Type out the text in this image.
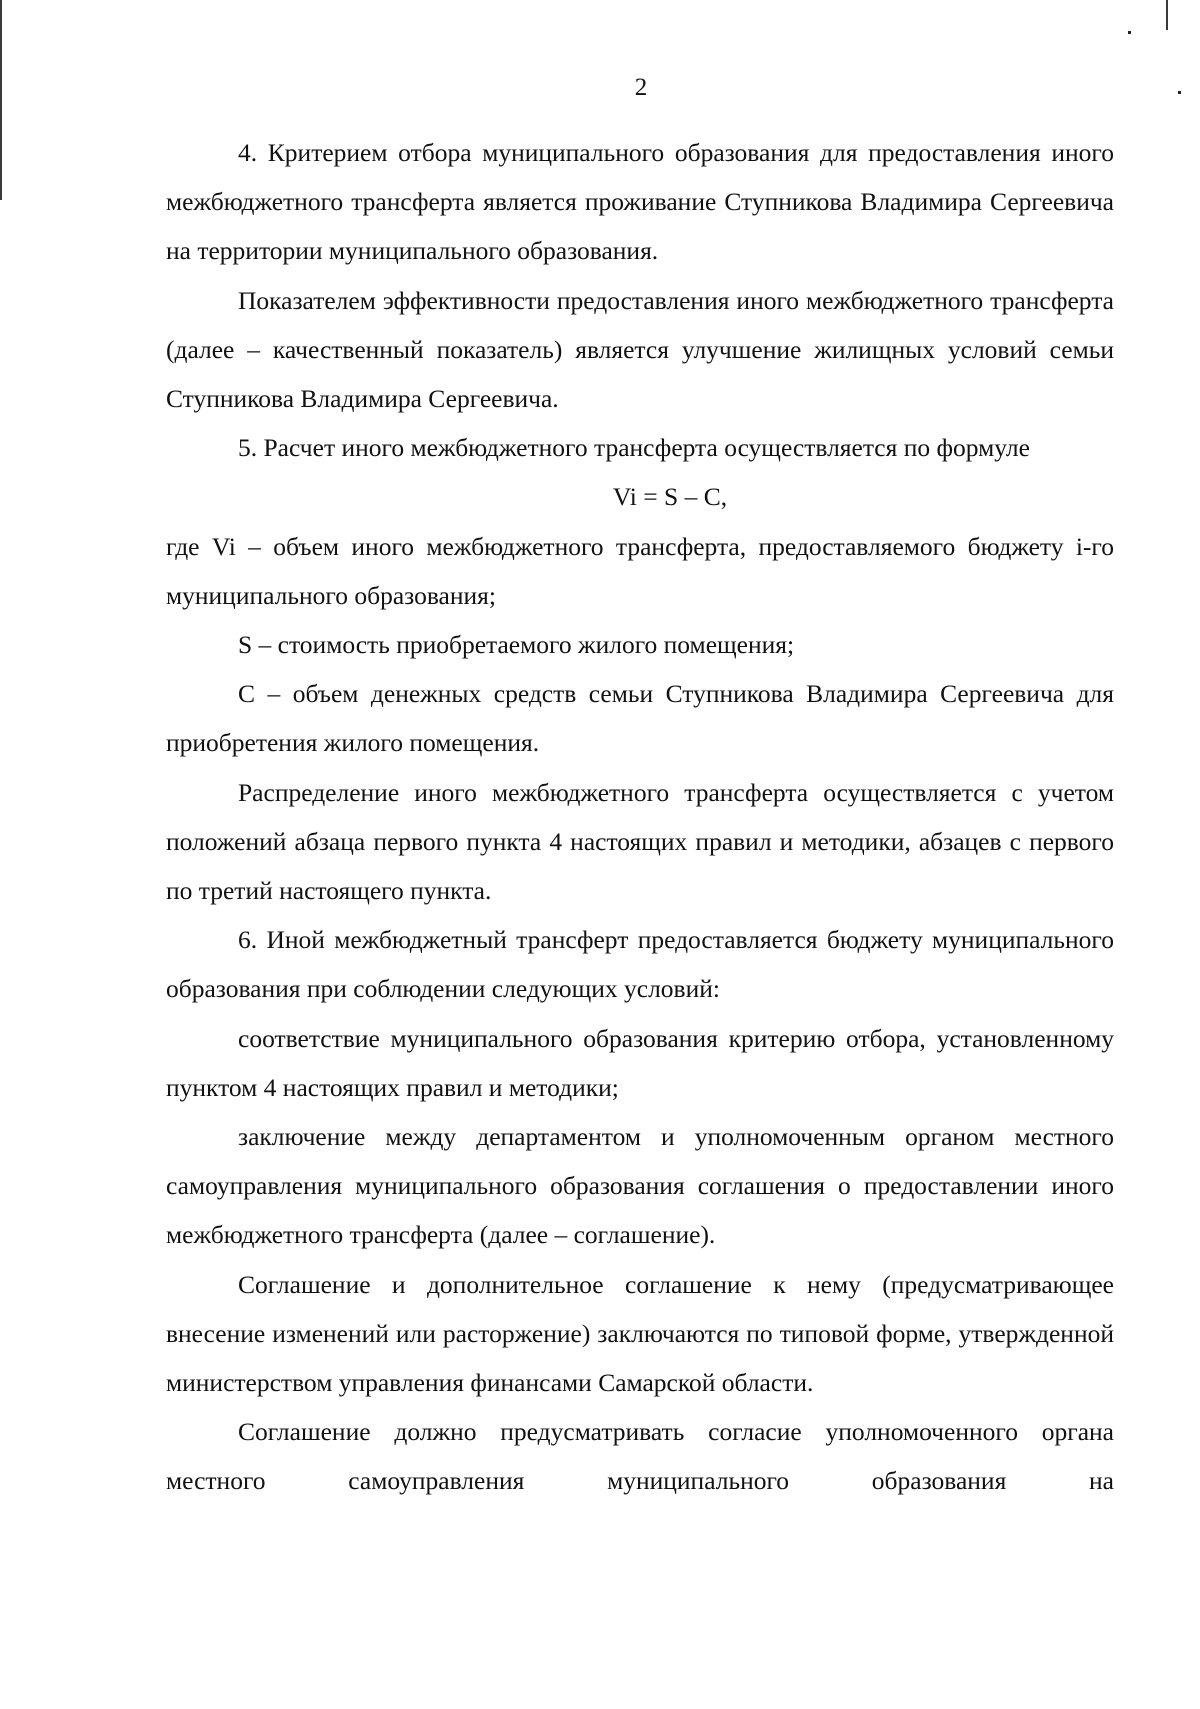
2

4. Критерием отбора муниципального образования для предоставления иного межбюджетного трансферта является проживание Ступникова Владимира Сергеевича на территории муниципального образования.

Показателем эффективности предоставления иного межбюджетного трансферта (далее – качественный показатель) является улучшение жилищных условий семьи Ступникова Владимира Сергеевича.

5. Расчет иного межбюджетного трансферта осуществляется по формуле

Vi = S – C,

где Vi – объем иного межбюджетного трансферта, предоставляемого бюджету i-го муниципального образования;

S – стоимость приобретаемого жилого помещения;

C – объем денежных средств семьи Ступникова Владимира Сергеевича для приобретения жилого помещения.

Распределение иного межбюджетного трансферта осуществляется с учетом положений абзаца первого пункта 4 настоящих правил и методики, абзацев с первого по третий настоящего пункта.

6. Иной межбюджетный трансферт предоставляется бюджету муниципального образования при соблюдении следующих условий:

соответствие муниципального образования критерию отбора, установленному пунктом 4 настоящих правил и методики;

заключение между департаментом и уполномоченным органом местного самоуправления муниципального образования соглашения о предоставлении иного межбюджетного трансферта (далее – соглашение).

Соглашение и дополнительное соглашение к нему (предусматривающее внесение изменений или расторжение) заключаются по типовой форме, утвержденной министерством управления финансами Самарской области.

Соглашение должно предусматривать согласие уполномоченного органа местного самоуправления муниципального образования на
